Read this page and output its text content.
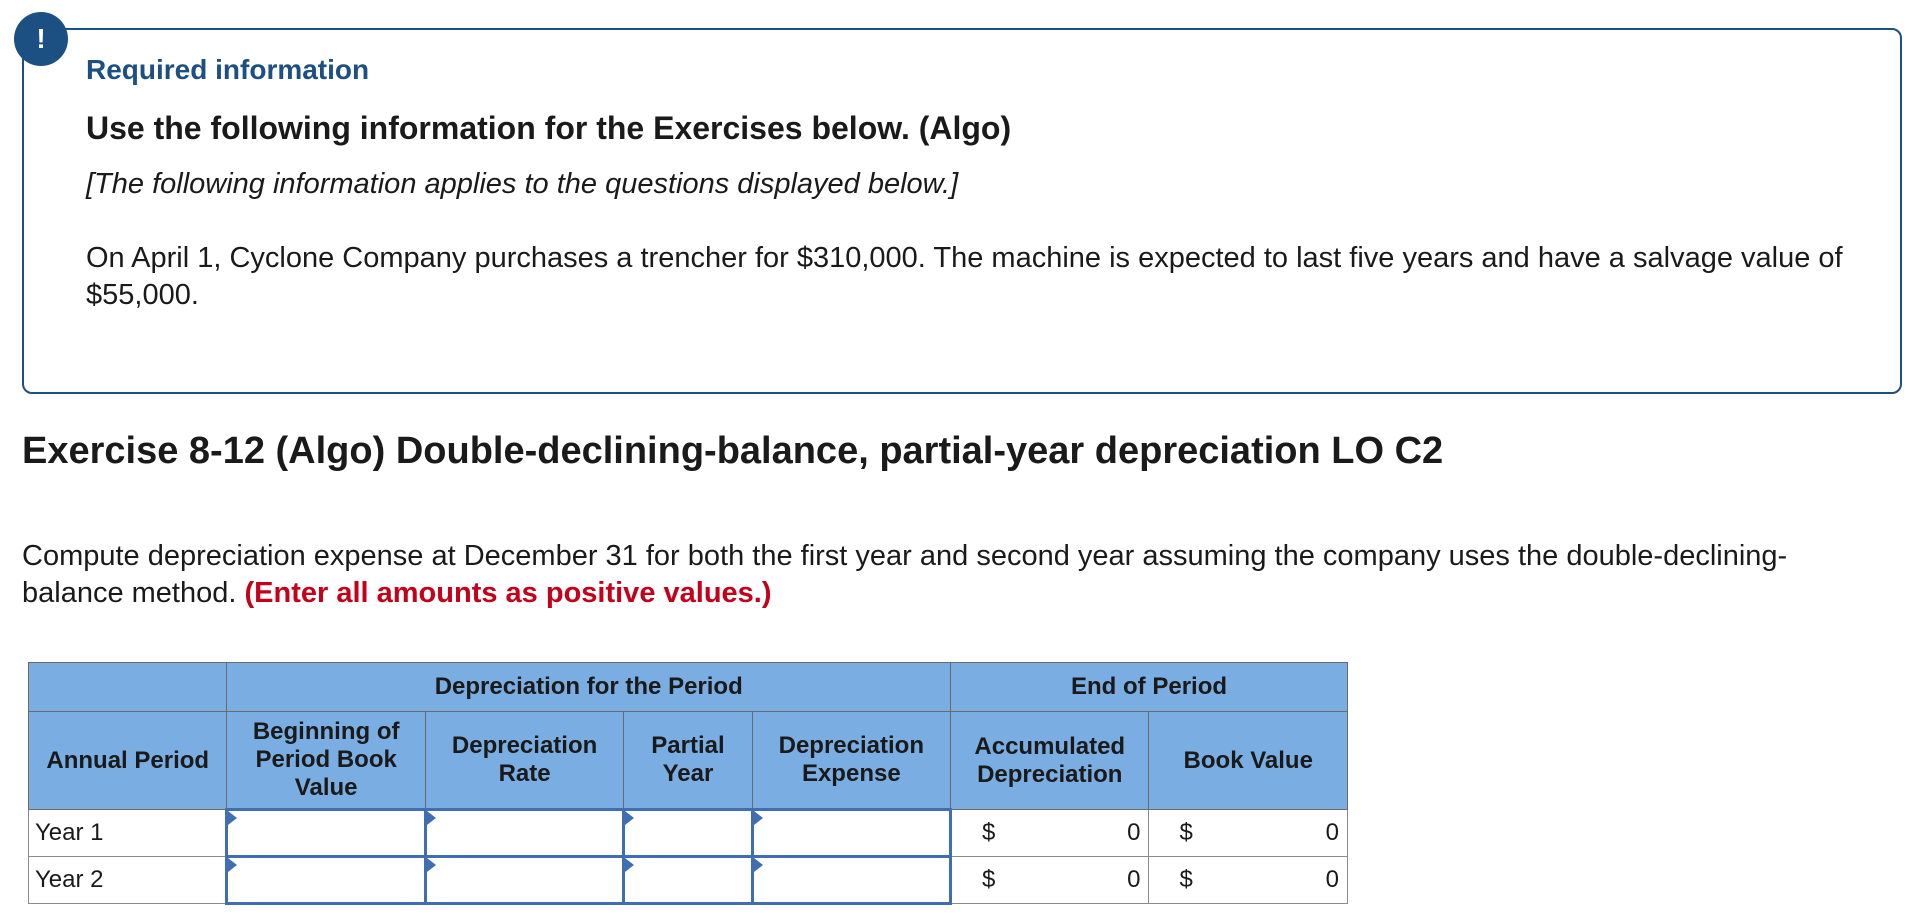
!
Required information
Use the following information for the Exercises below. (Algo)
[The following information applies to the questions displayed below.]
On April 1, Cyclone Company purchases a trencher for $310,000. The machine is expected to last five years and have a salvage value of $55,000.
Exercise 8-12 (Algo) Double-declining-balance, partial-year depreciation LO C2
Compute depreciation expense at December 31 for both the first year and second year assuming the company uses the double-declining-balance method. (Enter all amounts as positive values.)
	Depreciation for the Period				End of Period	
Annual Period	Beginning of Period Book Value	Depreciation Rate	Partial Year	Depreciation Expense	Accumulated Depreciation	Book Value
Year 1					$ 0	$ 0

Year 2					$ 0	$ 0
